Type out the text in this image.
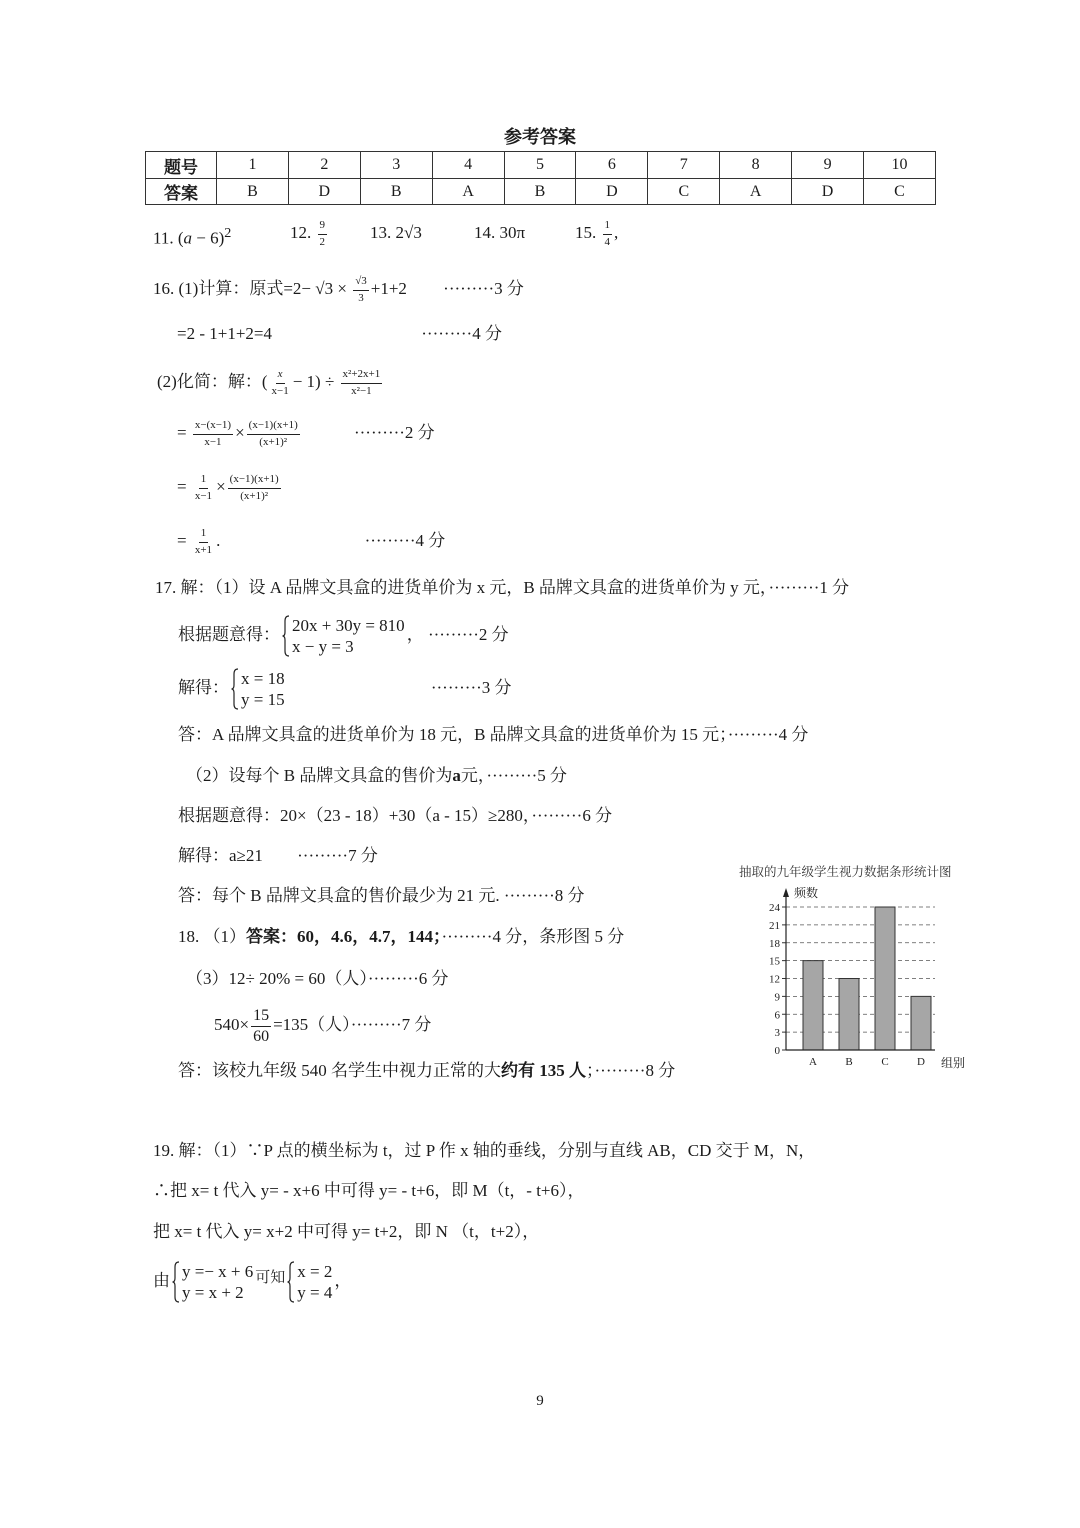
参考答案
题号	1	2	3	4	5	6	7	8	9	10
答案	B	D	B	A	B	D	C	A	D	C
11. $(a - 6)^2$	12. $\frac{9}{2}$	13. 2√3	14. 30π	15. $\frac{1}{4}$ ,
16. (1)计算：原式$=2- √3 \times \frac{√3}{3} +1+2 \cdot\cdot\cdot\cdot\cdot\cdot\cdot\cdot\cdot 3$ 分
=2 - 1+1+2=4	·········4 分
(2)化简：解：( $\frac{x}{x-1} - 1) \div \frac{\text{x²+2x+1}}{\text{x²−1}}$
= $\frac{x-(x-1)}{x-1} \times \frac{(x-1)(x+1)}{\text{(x+1)²}}$	·········2 分
= $\frac{1}{x-1} \times \frac{(x-1)(x+1)}{\text{(x+1)²}}$
= $\frac{1}{x+1}$ .	·········4 分
17. 解：（1）设 A 品牌文具盒的进货单价为 x 元，B 品牌文具盒的进货单价为 y 元，·········1 分
根据题意得： 20x + 30y = 810
x − y = 3
， ·········2 分
解得： x = 18
y = 15
·········3 分
答：A 品牌文具盒的进货单价为 18 元，B 品牌文具盒的进货单价为 15 元；·········4 分
（2）设每个 B 品牌文具盒的售价为a元，·········5 分
根据题意得：20×（23 - 18）+30（a - 15）≥280，·········6 分
解得：a≥21 ·········7 分
答：每个 B 品牌文具盒的售价最少为 21 元. ·········8 分
18. （1）答案：60，4.6，4.7，144；·········4 分，条形图 5 分
（3）12÷ 20% = 60（人）·········6 分
$540\times \frac{15}{60} =135$（人）·········7 分
答：该校九年级 540 名学生中视力正常的大约有 135 人；·········8 分
抽取的九年级学生视力数据条形统计图
0
3
6
9
12
15
18
21
24
A	B	C	D
频数
组别
19. 解：（1）∵P 点的横坐标为 t，过 P 作 x 轴的垂线，分别与直线 AB，CD 交于 M，N，
∴把 x= t 代入 y= - x+6 中可得 y= - t+6，即 M（t，- t+6），
把 x= t 代入 y= x+2 中可得 y= t+2，即 N （t，t+2），
由 y =− x + 6
y = x + 2
可知 x = 2
y = 4
，
9
